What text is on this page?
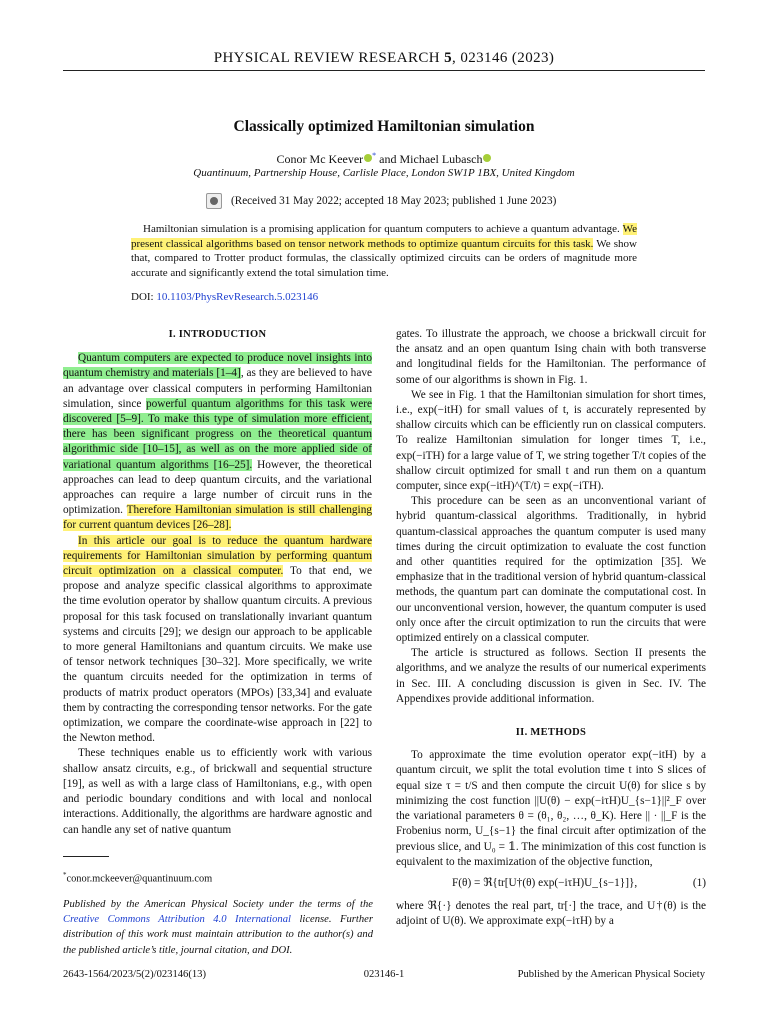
PHYSICAL REVIEW RESEARCH 5, 023146 (2023)
Classically optimized Hamiltonian simulation
Conor Mc Keever * and Michael Lubasch
Quantinuum, Partnership House, Carlisle Place, London SW1P 1BX, United Kingdom
(Received 31 May 2022; accepted 18 May 2023; published 1 June 2023)
Hamiltonian simulation is a promising application for quantum computers to achieve a quantum advantage. We present classical algorithms based on tensor network methods to optimize quantum circuits for this task. We show that, compared to Trotter product formulas, the classically optimized circuits can be orders of magnitude more accurate and significantly extend the total simulation time.
DOI: 10.1103/PhysRevResearch.5.023146
I. INTRODUCTION

Quantum computers are expected to produce novel insights into quantum chemistry and materials [1–4], as they are believed to have an advantage over classical computers in performing Hamiltonian simulation, since powerful quantum algorithms for this task were discovered [5–9]. To make this type of simulation more efficient, there has been significant progress on the theoretical quantum algorithmic side [10–15], as well as on the more applied side of variational quantum algorithms [16–25]. However, the theoretical approaches can lead to deep quantum circuits, and the variational approaches can require a large number of circuit runs in the optimization. Therefore Hamiltonian simulation is still challenging for current quantum devices [26–28].

In this article our goal is to reduce the quantum hardware requirements for Hamiltonian simulation by performing quantum circuit optimization on a classical computer. To that end, we propose and analyze specific classical algorithms to approximate the time evolution operator by shallow quantum circuits. A previous proposal for this task focused on translationally invariant quantum systems and circuits [29]; we design our approach to be applicable to more general Hamiltonians and quantum circuits. We make use of tensor network techniques [30–32]. More specifically, we write the quantum circuits needed for the optimization in terms of products of matrix product operators (MPOs) [33,34] and evaluate them by contracting the corresponding tensor networks. For the gate optimization, we compare the coordinate-wise approach in [22] to the Newton method.

These techniques enable us to efficiently work with various shallow ansatz circuits, e.g., of brickwall and sequential structure [19], as well as with a large class of Hamiltonians, e.g., with open and periodic boundary conditions and with local and nonlocal interactions. Additionally, the algorithms are hardware agnostic and can handle any set of native quantum

gates. To illustrate the approach, we choose a brickwall circuit for the ansatz and an open quantum Ising chain with both transverse and longitudinal fields for the Hamiltonian. The performance of some of our algorithms is shown in Fig. 1.

We see in Fig. 1 that the Hamiltonian simulation for short times, i.e., exp(−itH) for small values of t, is accurately represented by shallow circuits which can be efficiently run on classical computers. To realize Hamiltonian simulation for longer times T, i.e., exp(−iTH) for a large value of T, we string together T/t copies of the shallow circuit optimized for small t and run them on a quantum computer, since exp(−itH)^(T/t) = exp(−iTH).

This procedure can be seen as an unconventional variant of hybrid quantum-classical algorithms. Traditionally, in hybrid quantum-classical approaches the quantum computer is used many times during the circuit optimization to evaluate the cost function and other quantities required for the optimization [35]. We emphasize that in the traditional version of hybrid quantum-classical methods, the quantum part can dominate the computational cost. In our unconventional version, however, the quantum computer is used only once after the circuit optimization to run the circuits that were optimized entirely on a classical computer.

The article is structured as follows. Section II presents the algorithms, and we analyze the results of our numerical experiments in Sec. III. A concluding discussion is given in Sec. IV. The Appendixes provide additional information.

II. METHODS

To approximate the time evolution operator exp(−itH) by a quantum circuit, we split the total evolution time t into S slices of equal size τ = t/S and then compute the circuit U(θ) for slice s by minimizing the cost function ||U(θ) − exp(−iτH)U_{s−1}||²_F over the variational parameters θ = (θ₁, θ₂, …, θ_K). Here || · ||_F is the Frobenius norm, U_{s−1} the final circuit after optimization of the previous slice, and U₀ = 𝟙. The minimization of this cost function is equivalent to the maximization of the objective function,

F(θ) = ℜ{tr[U†(θ) exp(−iτH)U_{s−1}]},	(1)

where ℜ{·} denotes the real part, tr[·] the trace, and U†(θ) is the adjoint of U(θ). We approximate exp(−iτH) by a

*conor.mckeever@quantinuum.com
Published by the American Physical Society under the terms of the Creative Commons Attribution 4.0 International license. Further distribution of this work must maintain attribution to the author(s) and the published article’s title, journal citation, and DOI.
2643-1564/2023/5(2)/023146(13)	023146-1	Published by the American Physical Society
